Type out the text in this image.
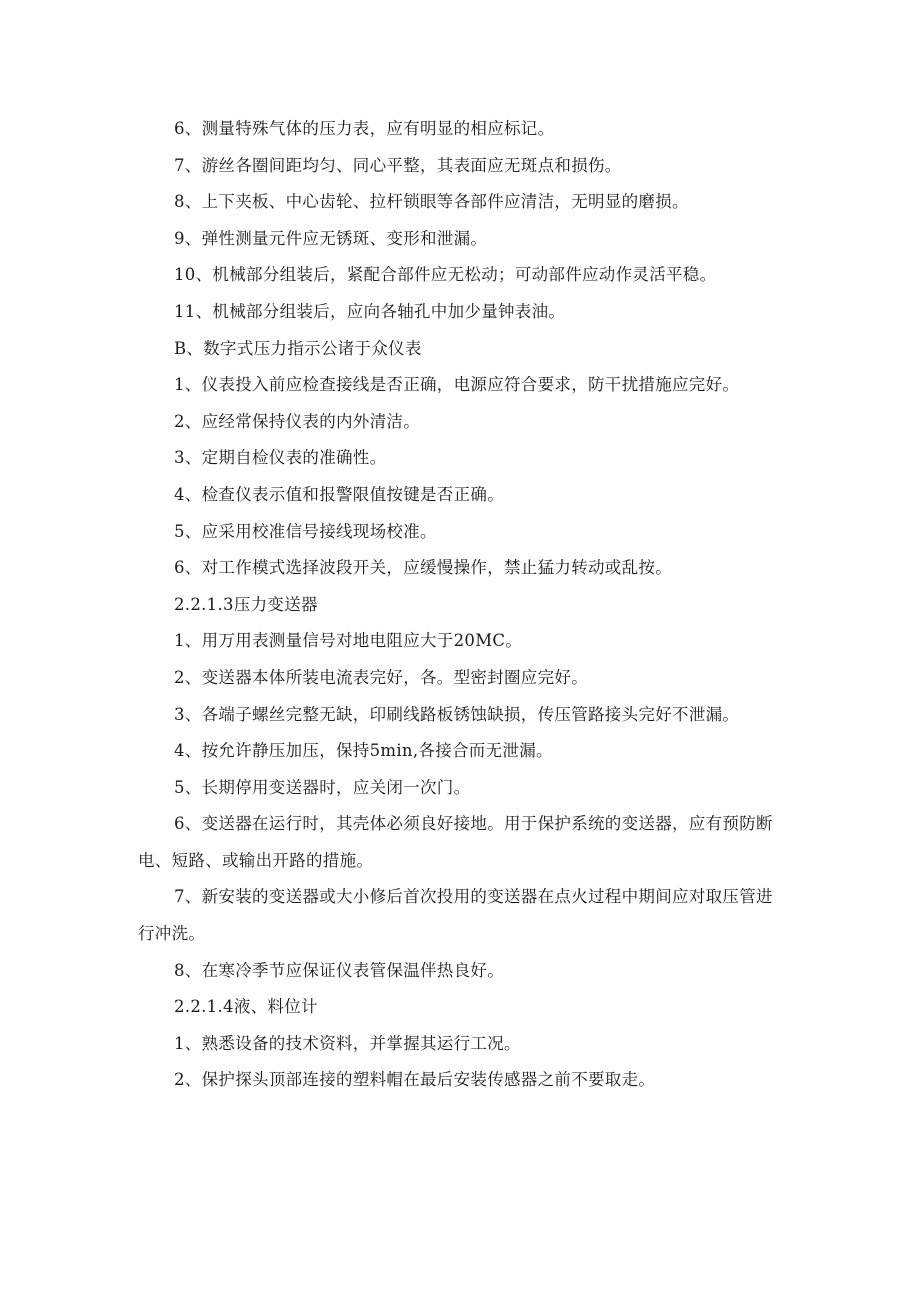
6、测量特殊气体的压力表，应有明显的相应标记。

7、游丝各圈间距均匀、同心平整，其表面应无斑点和损伤。

8、上下夹板、中心齿轮、拉杆锁眼等各部件应清洁，无明显的磨损。

9、弹性测量元件应无锈斑、变形和泄漏。

10、机械部分组装后，紧配合部件应无松动；可动部件应动作灵活平稳。

11、机械部分组装后，应向各轴孔中加少量钟表油。

B、数字式压力指示公诸于众仪表

1、仪表投入前应检查接线是否正确，电源应符合要求，防干扰措施应完好。

2、应经常保持仪表的内外清洁。

3、定期自检仪表的准确性。

4、检查仪表示值和报警限值按键是否正确。

5、应采用校准信号接线现场校准。

6、对工作模式选择波段开关，应缓慢操作，禁止猛力转动或乱按。

2.2.1.3压力变送器

1、用万用表测量信号对地电阻应大于20MC。

2、变送器本体所装电流表完好，各。型密封圈应完好。

3、各端子螺丝完整无缺，印刷线路板锈蚀缺损，传压管路接头完好不泄漏。

4、按允许静压加压，保持5min,各接合而无泄漏。

5、长期停用变送器时，应关闭一次门。

6、变送器在运行时，其壳体必须良好接地。用于保护系统的变送器，应有预防断电、短路、或输出开路的措施。

7、新安装的变送器或大小修后首次投用的变送器在点火过程中期间应对取压管进行冲洗。

8、在寒冷季节应保证仪表管保温伴热良好。

2.2.1.4液、料位计

1、熟悉设备的技术资料，并掌握其运行工况。

2、保护探头顶部连接的塑料帽在最后安装传感器之前不要取走。
